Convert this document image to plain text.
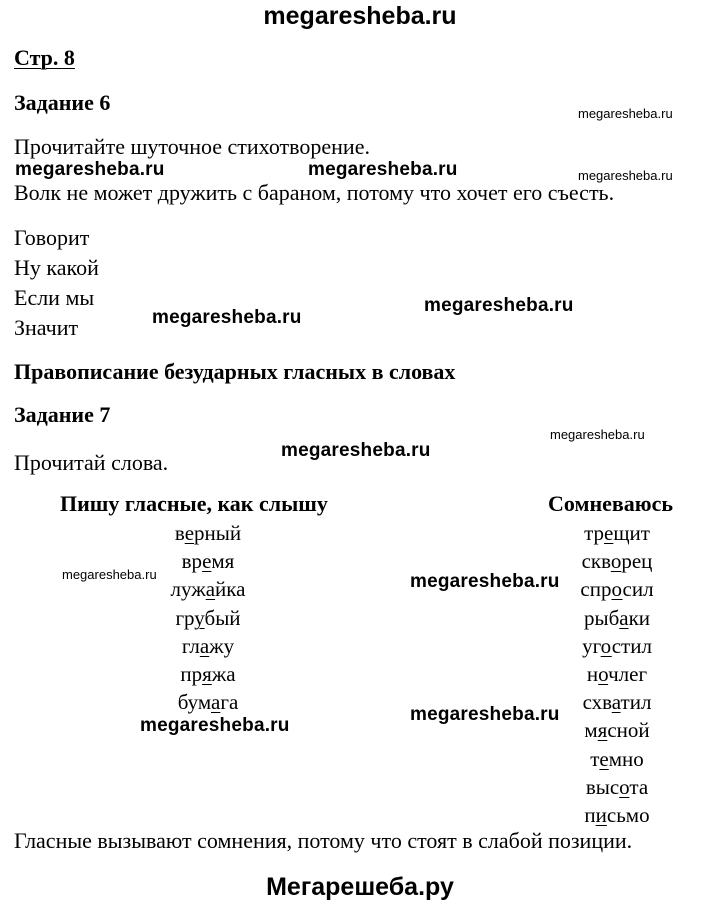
megaresheba.ru
Стр. 8
Задание 6
Прочитайте шуточное стихотворение.
Волк не может дружить с бараном, потому что хочет его съесть.
Говорит
Ну какой
Если мы
Значит
Правописание безударных гласных в словах
Задание 7
Прочитай слова.
Пишу гласные, как слышу	Сомневаюсь
верный
время
лужайка
грубый
глажу
пряжа
бумага
трещит
скворец
спросил
рыбаки
угостил
ночлег
схватил
мясной
темно
высота
письмо
Гласные вызывают сомнения, потому что стоят в слабой позиции.
megaresheba.ru	megaresheba.ru
megaresheba.ru
megaresheba.ru
megaresheba.ru
megaresheba.ru
megaresheba.ru
megaresheba.ru
megaresheba.ru
megaresheba.ru
megaresheba.ru
megaresheba.ru
Мегарешеба.ру
